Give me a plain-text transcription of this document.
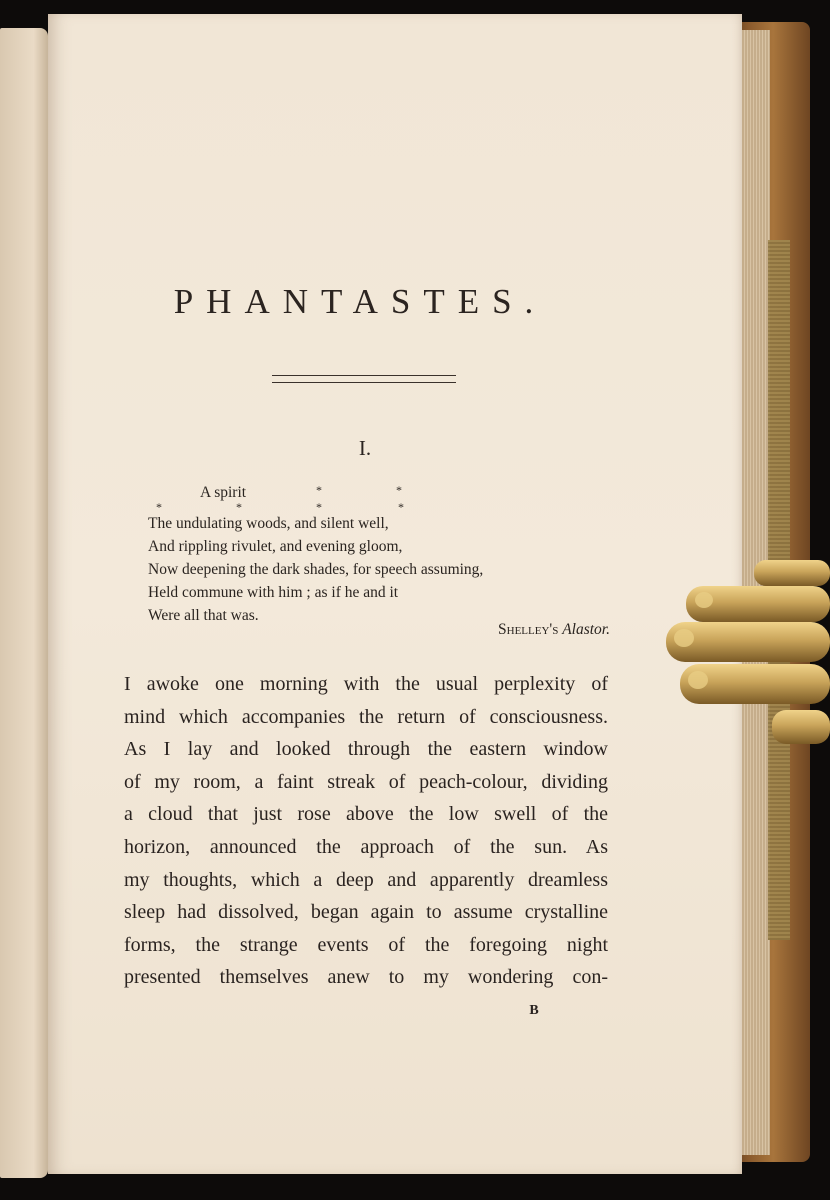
PHANTASTES.
I.
A spirit	*	*
*	*	*	*
The undulating woods, and silent well,
And rippling rivulet, and evening gloom,
Now deepening the dark shades, for speech assuming,
Held commune with him ; as if he and it
Were all that was.
Shelley's Alastor.
I awoke one morning with the usual perplexity of
mind which accompanies the return of consciousness.
As I lay and looked through the eastern window
of my room, a faint streak of peach-colour, dividing
a cloud that just rose above the low swell of the
horizon, announced the approach of the sun. As
my thoughts, which a deep and apparently dreamless
sleep had dissolved, began again to assume crystalline
forms, the strange events of the foregoing night
presented themselves anew to my wondering con-
B
